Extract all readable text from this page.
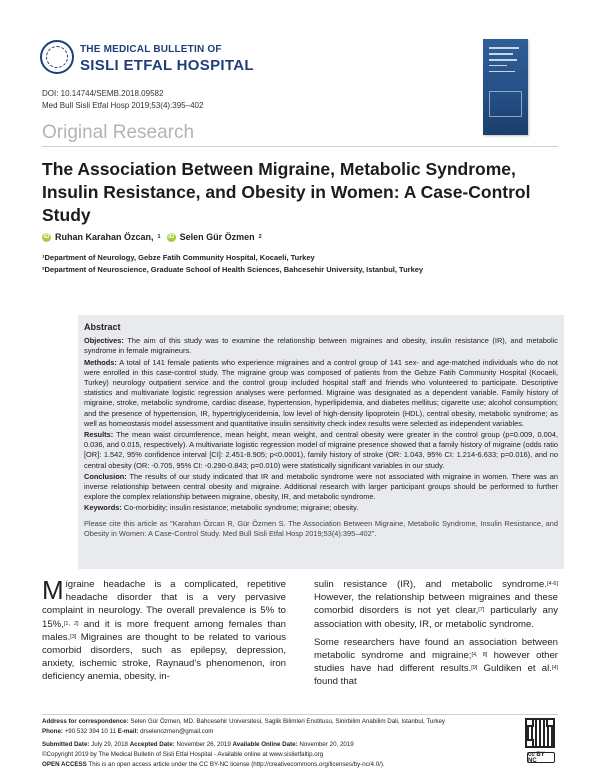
THE MEDICAL BULLETIN OF
SISLI ETFAL HOSPITAL
DOI: 10.14744/SEMB.2018.09582
Med Bull Sisli Etfal Hosp 2019;53(4):395–402
Original Research
The Association Between Migraine, Metabolic Syndrome, Insulin Resistance, and Obesity in Women: A Case-Control Study
iD Ruhan Karahan Özcan, 1 iD Selen Gür Özmen 2
¹Department of Neurology, Gebze Fatih Community Hospital, Kocaeli, Turkey
²Department of Neuroscience, Graduate School of Health Sciences, Bahcesehir University, Istanbul, Turkey
Abstract

Objectives: The aim of this study was to examine the relationship between migraines and obesity, insulin resistance (IR), and metabolic syndrome in female migraineurs.

Methods: A total of 141 female patients who experience migraines and a control group of 141 sex- and age-matched individuals who do not were enrolled in this case-control study. The migraine group was composed of patients from the Gebze Fatih Community Hospital (Kocaeli, Turkey) neurology outpatient service and the control group included hospital staff and friends who volunteered to participate. Descriptive statistics and multivariate logistic regression analyses were performed. Migraine was designated as a dependent variable. Family history of migraine, stroke, metabolic syndrome, cardiac disease, hypertension, hyperlipidemia, and diabetes mellitus; cigarette use; alcohol consumption; and the presence of hypertension, IR, hypertriglyceridemia, low level of high-density lipoprotein (HDL), central obesity, metabolic syndrome; as well as homeostasis model assessment and quantitative insulin sensitivity check index results were selected as independent variables.

Results: The mean waist circumference, mean height, mean weight, and central obesity were greater in the control group (p=0.009, 0.004, 0.036, and 0.015, respectively). A multivariate logistic regression model of migraine presence showed that a family history of migraine (odds ratio [OR]: 1.542, 95% confidence interval [CI]: 2.451-8.905; p<0.0001), family history of stroke (OR: 1.043, 95% CI: 1.214-6.633; p=0.016), and no central obesity (OR: -0.705, 95% CI: -0.290-0.843; p=0.010) were statistically significant variables in our study.

Conclusion: The results of our study indicated that IR and metabolic syndrome were not associated with migraine in women. There was an inverse relationship between central obesity and migraine. Additional research with larger participant groups should be performed to further explore the complex relationship between migraine, obesity, IR, and metabolic syndrome.

Keywords: Co-morbidity; insulin resistance; metabolic syndrome; migraine; obesity.

Please cite this article as "Karahan Özcan R, Gür Özmen S. The Association Between Migraine, Metabolic Syndrome, Insulin Resistance, and Obesity in Women: A Case-Control Study. Med Bull Sisli Etfal Hosp 2019;53(4):395–402".

Migraine headache is a complicated, repetitive headache disorder that is a very pervasive complaint in neurology. The overall prevalence is 5% to 15%,[1, 2] and it is more frequent among females than males.[3] Migraines are thought to be related to various comorbid disorders, such as epilepsy, depression, anxiety, ischemic stroke, Raynaud's phenomenon, iron deficiency anemia, obesity, in-

sulin resistance (IR), and metabolic syndrome.[4-6] However, the relationship between migraines and these comorbid disorders is not yet clear,[7] particularly any association with obesity, IR, or metabolic syndrome.

Some researchers have found an association between metabolic syndrome and migraine;[4, 8] however other studies have had different results.[9] Guldiken et al.[4] found that

Address for correspondence: Selen Gür Özmen, MD. Bahcesehir Universitesi, Saglik Bilimleri Enstitusu, Sinirbilim Anabilim Dali, Istanbul, Turkey
Phone: +90 532 394 10 11 E-mail: drselenozmen@gmail.com
Submitted Date: July 29, 2018 Accepted Date: November 26, 2019 Available Online Date: November 20, 2019
©Copyright 2019 by The Medical Bulletin of Sisli Etfal Hospital - Available online at www.sislietfaltip.org
OPEN ACCESS This is an open access article under the CC BY-NC license (http://creativecommons.org/licenses/by-nc/4.0/).
cc BY NC
